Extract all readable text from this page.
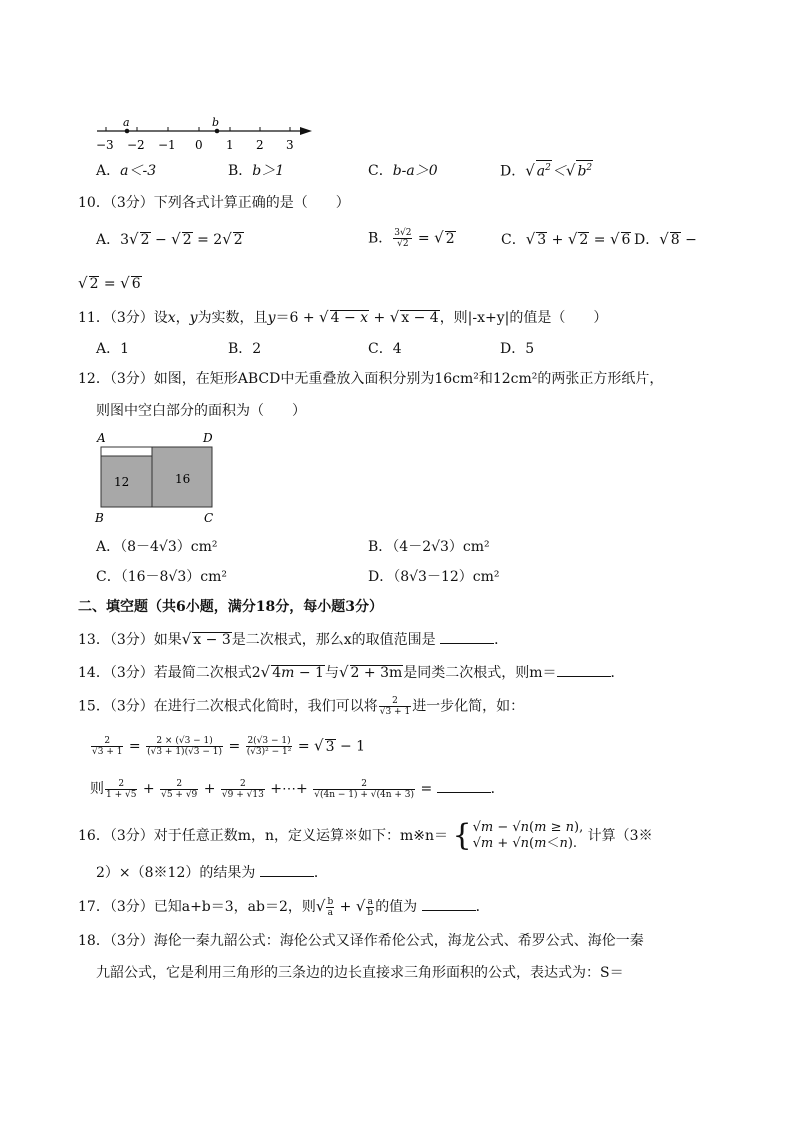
a	b
−3 −2 −1 0 1 2 3
A．a＜-3	B．b＞1	C．b-a＞0	D．√ $a^2<√$ $b^2$
10．（3分）下列各式计算正确的是（　　）
A．3√ 2 − √ 2 = 2√ 2	B． $\frac{3√2}{√2}$ = √ 2	C．√ 3 + √ 2 = √ 6 D．√ 8 −
√ 2 = √ 6
11．（3分）设x，y为实数，且y＝6 + √ 4 − x + √ x − 4，则|-x+y|的值是（　　）
A．1	B．2	C．4	D．5
12．（3分）如图，在矩形ABCD中无重叠放入面积分别为16cm²和12cm²的两张正方形纸片，
则图中空白部分的面积为（　　）
A	D
B	C
12	16
A．（8－4√3）cm²	B．（4－2√3）cm²
C．（16－8√3）cm²	D．（8√3－12）cm²
二、填空题（共6小题，满分18分，每小题3分）
13．（3分）如果√ x − 3是二次根式，那么x的取值范围是	．
14．（3分）若最简二次根式2√ 4m − 1与√ 2 + 3m是同类二次根式，则m＝	．
15．（3分）在进行二次根式化简时，我们可以将 $\frac{2}{√3 + 1}$ 进一步化简，如：
$\frac{2}{√3 + 1} = \frac{2 \times (√3 - 1)}{(√3 + 1)(√3 - 1)} = \frac{2(√3 - 1)}{\text{(√3)² − 1²}}$ = √ 3 − 1
则 $\frac{2}{1 + √5} + \frac{2}{√5 + √9} + \frac{2}{√9 + √13}$ +⋯+ $\frac{2}{√(4n - 1) + √(4n + 3)}$ =	．
16．（3分）对于任意正数m，n，定义运算※如下：m※n＝ { √m − √n(m ≥ n),
√m + √n(m＜n). 计算（3※
2）×（8※12）的结果为	．
17．（3分）已知a+b＝3，ab＝2，则√ $\frac{b}{a}$ + √ $\frac{a}{b}$ 的值为	．
18．（3分）海伦一秦九韶公式：海伦公式又译作希伦公式，海龙公式、希罗公式、海伦一秦
九韶公式，它是利用三角形的三条边的边长直接求三角形面积的公式，表达式为：S＝
